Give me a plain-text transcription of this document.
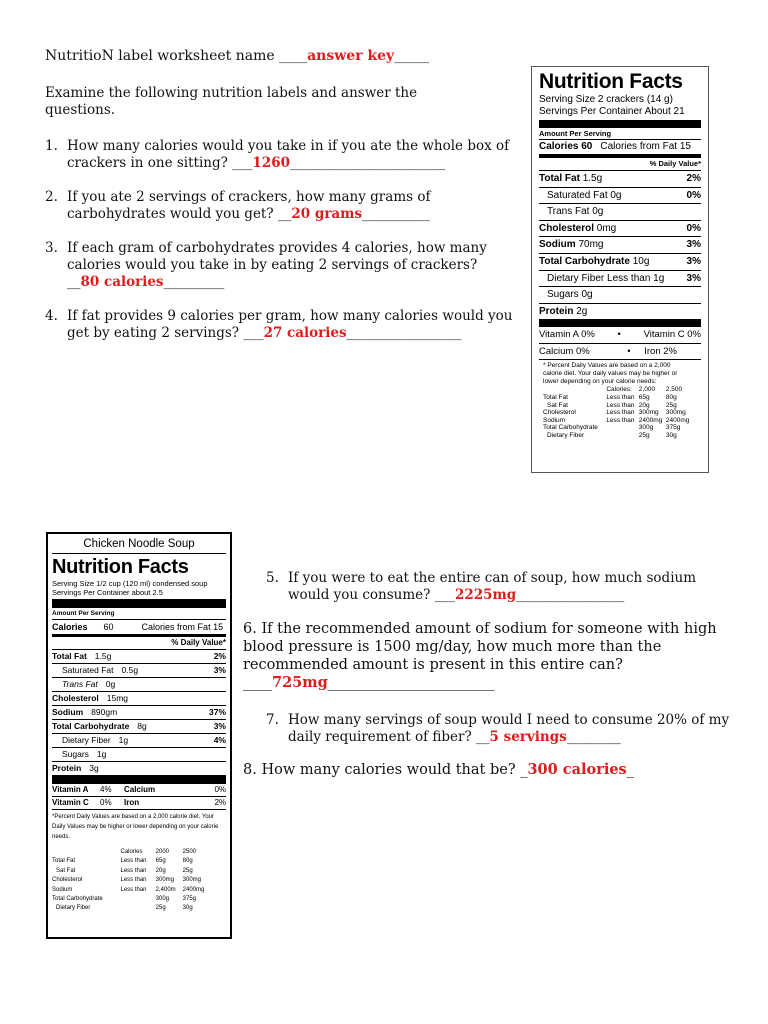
NutritioN label worksheet name ____answer key_____
Examine the following nutrition labels and answer the questions.
1. How many calories would you take in if you ate the whole box of
crackers in one sitting? ___1260_______________________
2. If you ate 2 servings of crackers, how many grams of
carbohydrates would you get? __20 grams__________
3. If each gram of carbohydrates provides 4 calories, how many
calories would you take in by eating 2 servings of crackers?
__80 calories_________
4. If fat provides 9 calories per gram, how many calories would you
get by eating 2 servings? ___27 calories_________________
Nutrition Facts
Serving Size 2 crackers (14 g)
Servings Per Container About 21
Amount Per Serving
Calories 60 Calories from Fat 15
% Daily Value*
Total Fat 1.5g	2%
Saturated Fat 0g	0%
Trans Fat 0g
Cholesterol 0mg	0%
Sodium 70mg	3%
Total Carbohydrate 10g	3%
Dietary Fiber Less than 1g 3%
Sugars 0g
Protein 2g
Vitamin A 0% • Vitamin C 0%
Calcium 0%	• Iron 2%
* Percent Daily Values are based on a 2,000 calorie diet. Your daily values may be higher or lower depending on your calorie needs:
		Calories:	2,000	2,500
Total Fat		Less than	65g	80g
Sat Fat		Less than	20g	25g
Cholesterol		Less than	300mg	300mg
Sodium		Less than	2400mg	2400mg
Total Carbohydrate			300g	375g
Dietary Fiber			25g	30g
Chicken Noodle Soup
Nutrition Facts
Serving Size 1/2 cup (120 ml) condensed soup
Servings Per Container about 2.5
Amount Per Serving
Calories 60	Calories from Fat 15
% Daily Value*
Total Fat 1.5g	2%
Saturated Fat 0.5g	3%
Trans Fat 0g
Cholesterol 15mg
Sodium 890gm	37%
Total Carbohydrate 8g	3%
Dietary Fiber 1g	4%
Sugars 1g
Protein 3g
Vitamin A	4%	Calcium	0%
Vitamin C	0%	Iron	2%
*Percent Daily Values are based on a 2,000 calorie diet. Your Daily Values may be higher or lower depending on your calorie needs.
	Calories	2000	2500
Total Fat	Less than	65g	80g
Sat Fat	Less than	20g	25g
Cholesterol	Less than	300mg	300mg
Sodium	Less than	2,400m	2400mg
Total Carbohydrate		300g	375g
Dietary Fiber		25g	30g
5. If you were to eat the entire can of soup, how much sodium
would you consume? ___2225mg________________
6. If the recommended amount of sodium for someone with high
blood pressure is 1500 mg/day, how much more than the
recommended amount is present in this entire can?
____725mg_______________________
7. How many servings of soup would I need to consume 20% of my
daily requirement of fiber? __5 servings________
8. How many calories would that be? _300 calories_
